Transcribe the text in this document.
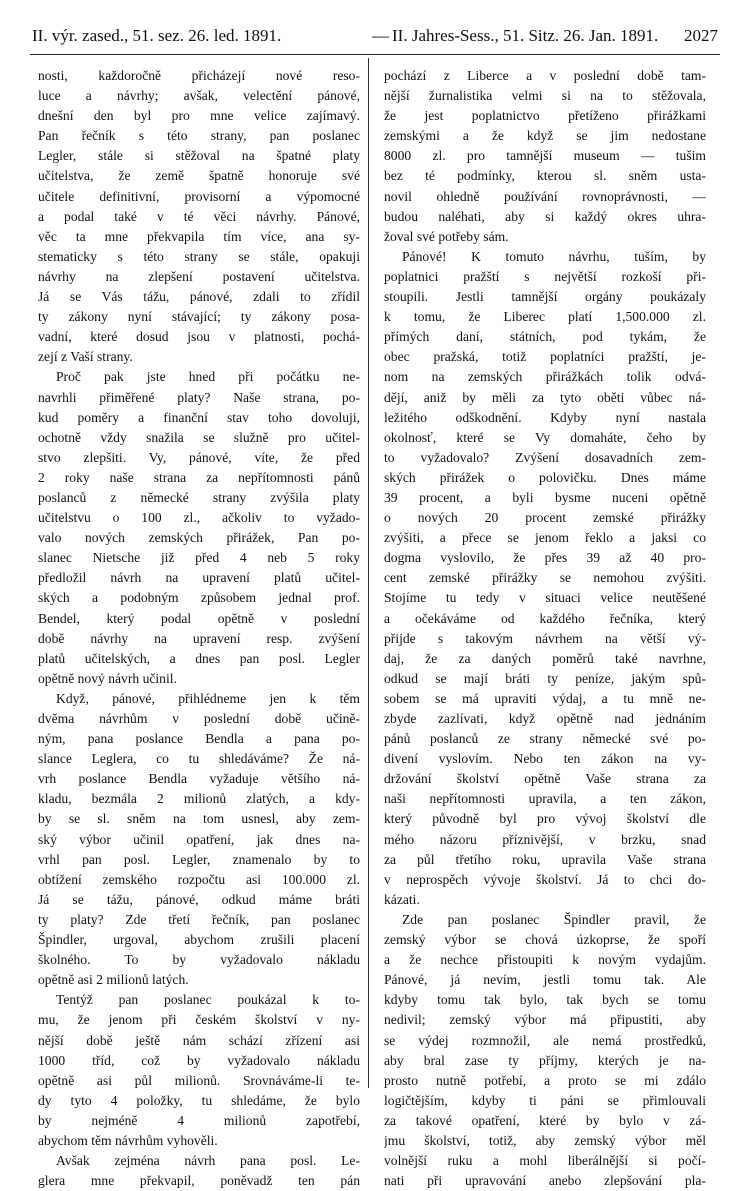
II. výr. zased., 51. sez. 26. led. 1891.	— II. Jahres-Sess., 51. Sitz. 26. Jan. 1891. 2027
nosti, každoročně přicházejí nové reso-
luce a návrhy; avšak, velectění pánové,
dnešní den byl pro mne velice zajímavý.
Pan řečník s této strany, pan poslanec
Legler, stále si stěžoval na špatné platy
učitelstva, že země špatně honoruje své
učitele definitivní, provisorní a výpomocné
a podal také v té věci návrhy. Pánové,
věc ta mne překvapila tím více, ana sy-
stematicky s této strany se stále, opakuji
návrhy na zlepšení postavení učitelstva.
Já se Vás tážu, pánové, zdali to zřídil
ty zákony nyní stávající; ty zákony posa-
vadní, které dosud jsou v platnosti, pochá-
zejí z Vaší strany.
Proč pak jste hned při počátku ne-
navrhli přiměřené platy? Naše strana, po-
kud poměry a finanční stav toho dovoluji,
ochotně vždy snažila se služně pro učitel-
stvo zlepšiti. Vy, pánové, víte, že před
2 roky naše strana za nepřítomnosti pánů
poslanců z německé strany zvýšila platy
učitelstvu o 100 zl., ačkoliv to vyžado-
valo nových zemských přirážek, Pan po-
slanec Nietsche již před 4 neb 5 roky
předložil návrh na upravení platů učitel-
ských a podobným způsobem jednal prof.
Bendel, který podal opětně v poslední
době návrhy na upravení resp. zvýšení
platů učitelských, a dnes pan posl. Legler
opětně nový návrh učinil.
Když, pánové, přihlédneme jen k těm
dvěma návrhům v poslední době učině-
ným, pana poslance Bendla a pana po-
slance Leglera, co tu shledáváme? Že ná-
vrh poslance Bendla vyžaduje většího ná-
kladu, bezmála 2 milionů zlatých, a kdy-
by se sl. sněm na tom usnesl, aby zem-
ský výbor učinil opatření, jak dnes na-
vrhl pan posl. Legler, znamenalo by to
obtížení zemského rozpočtu asi 100.000 zl.
Já se tážu, pánové, odkud máme bráti
ty platy? Zde třetí řečník, pan poslanec
Špindler, urgoval, abychom zrušili placení
školného. To by vyžadovalo nákladu
opětně asi 2 milionů latých.
Tentýž pan poslanec poukázal k to-
mu, že jenom při českém školství v ny-
nější době ještě nám schází zřízení asi
1000 tříd, což by vyžadovalo nákladu
opětně asi půl milionů. Srovnáváme-li te-
dy tyto 4 položky, tu shledáme, že bylo
by nejméně 4 milionů zapotřebí,
abychom těm návrhům vyhověli.
Avšak zejména návrh pana posl. Le-
glera mne překvapil, poněvadž ten pán
pochází z Liberce a v poslední době tam-
nější žurnalistika velmi si na to stěžovala,
že jest poplatnictvo přetíženo přirážkami
zemskými a že když se jim nedostane
8000 zl. pro tamnější museum — tušim
bez té podmínky, kterou sl. sněm usta-
novil ohledně používání rovnoprávnosti, —
budou naléhati, aby si každý okres uhra-
žoval své potřeby sám.
Pánové! K tomuto návrhu, tuším, by
poplatnici pražští s největší rozkoší při-
stoupili. Jestli tamnější orgány poukázaly
k tomu, že Liberec platí 1,500.000 zl.
přímých daní, státních, pod tykám, že
obec pražská, totiž poplatníci pražští, je-
nom na zemských přirážkách tolik odvá-
dějí, aniž by měli za tyto oběti vůbec ná-
ležitého odškodnění. Kdyby nyní nastala
okolnosť, které se Vy domaháte, čeho by
to vyžadovalo? Zvýšení dosavadních zem-
ských přirážek o polovičku. Dnes máme
39 procent, a byli bysme nuceni opětně
o nových 20 procent zemské přirážky
zvýšiti, a přece se jenom řeklo a jaksi co
dogma vyslovilo, že přes 39 až 40 pro-
cent zemské přirážky se nemohou zvýšiti.
Stojíme tu tedy v situaci velice neutěšené
a očekáváme od každého řečníka, který
přijde s takovým návrhem na větší vý-
daj, že za daných poměrů také navrhne,
odkud se mají bráti ty peníze, jakým spů-
sobem se má upraviti výdaj, a tu mně ne-
zbyde zazlívati, když opětně nad jednáním
pánů poslanců ze strany německé své po-
divení vyslovím. Nebo ten zákon na vy-
držování školství opětně Vaše strana za
naši nepřítomnosti upravila, a ten zákon,
který původně byl pro vývoj školství dle
mého názoru příznivější, v brzku, snad
za půl třetího roku, upravila Vaše strana
v neprospěch vývoje školství. Já to chci do-
kázati.
Zde pan poslanec Špindler pravil, že
zemský výbor se chová úzkoprse, že spoří
a že nechce přistoupiti k novým vydajům.
Pánové, já nevím, jestli tomu tak. Ale
kdyby tomu tak bylo, tak bych se tomu
nedivil; zemský výbor má připustiti, aby
se výdej rozmnožil, ale nemá prostředků,
aby bral zase ty příjmy, kterých je na-
prosto nutně potřebí, a proto se mi zdálo
logičtějším, kdyby ti páni se přimlouvali
za takové opatření, které by bylo v zá-
jmu školství, totiž, aby zemský výbor měl
volnější ruku a mohl liberálnější si počí-
nati při upravování anebo zlepšování pla-
